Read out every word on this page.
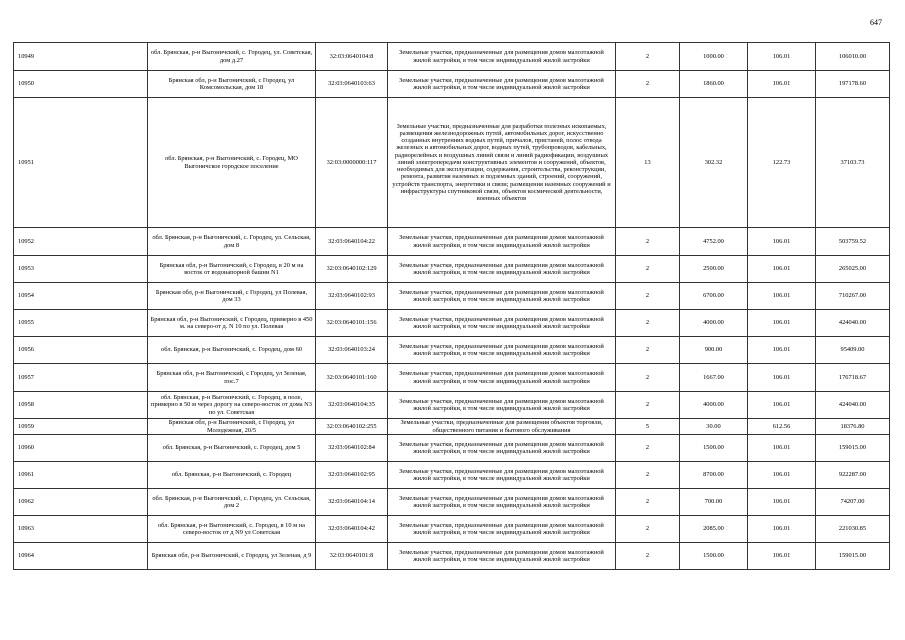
647
10949	обл. Брянская, р-н Выгоничский, с. Городец, ул. Советская, дом д.27	32:03:0640104:8	Земельные участки, предназначенные для размещения домов малоэтажной жилой застройки, в том числе индивидуальной жилой застройки	2	1000.00	106.01	106010.00
10950	Брянская обл, р-н Выгоничский, с Городец, ул Комсомольская, дом 18	32:03:0640103:63	Земельные участки, предназначенные для размещения домов малоэтажной жилой застройки, в том числе индивидуальной жилой застройки	2	1860.00	106.01	197178.60
10951	обл. Брянская, р-н Выгоничский, с. Городец, МО Выгоничское городское поселение	32:03:0000000:117	Земельные участки, предназначенные для разработки полезных ископаемых, размещения железнодорожных путей, автомобильных дорог, искусственно созданных внутренних водных путей, причалов, пристаней, полос отвода железных и автомобильных дорог, водных путей, трубопроводов, кабельных, радиорелейных и воздушных линий связи и линий радиофикации, воздушных линий электропередачи конструктивных элементов и сооружений, объектов, необходимых для эксплуатации, содержания, строительства, реконструкции, ремонта, развития наземных и подземных зданий, строений, сооружений, устройств транспорта, энергетики и связи; размещения наземных сооружений и инфраструктуры спутниковой связи, объектов космической деятельности, военных объектов	13	302.32	122.73	37103.73
10952	обл. Брянская, р-н Выгоничский, с. Городец, ул. Сельская, дом 8	32:03:0640104:22	Земельные участки, предназначенные для размещения домов малоэтажной жилой застройки, в том числе индивидуальной жилой застройки	2	4752.00	106.01	503759.52
10953	Брянская обл, р-н Выгоничский, с Городец, в 20 м на восток от водонапорной башни N1	32:03:0640102:129	Земельные участки, предназначенные для размещения домов малоэтажной жилой застройки, в том числе индивидуальной жилой застройки	2	2500.00	106.01	265025.00
10954	Брянская обл, р-н Выгоничский, с Городец, ул Полевая, дом 33	32:03:0640102:93	Земельные участки, предназначенные для размещения домов малоэтажной жилой застройки, в том числе индивидуальной жилой застройки	2	6700.00	106.01	710267.00
10955	Брянская обл, р-н Выгоничский, с Городец, примерно в 450 м. на северо-от д. N 10 по ул. Полевая	32:03:0640101:156	Земельные участки, предназначенные для размещения домов малоэтажной жилой застройки, в том числе индивидуальной жилой застройки	2	4000.00	106.01	424040.00
10956	обл. Брянская, р-н Выгоничский, с. Городец, дом 60	32:03:0640103:24	Земельные участки, предназначенные для размещения домов малоэтажной жилой застройки, в том числе индивидуальной жилой застройки	2	900.00	106.01	95409.00
10957	Брянская обл, р-н Выгоничский, с Городец, ул Зеленая, пос.7	32:03:0640101:160	Земельные участки, предназначенные для размещения домов малоэтажной жилой застройки, в том числе индивидуальной жилой застройки	2	1667.00	106.01	176718.67
10958	обл. Брянская, р-н Выгоничский, с. Городец, в поле, примерно в 50 м через дорогу на северо-восток от дома N3 по ул. Советская	32:03:0640104:35	Земельные участки, предназначенные для размещения домов малоэтажной жилой застройки, в том числе индивидуальной жилой застройки	2	4000.00	106.01	424040.00
10959	Брянская обл, р-н Выгоничский, с Городец, ул Молодежная, 20/5	32:03:0640102:255	Земельные участки, предназначенные для размещения объектов торговли, общественного питания и бытового обслуживания	5	30.00	612.56	18376.80
10960	обл. Брянская, р-н Выгоничский, с. Городец, дом 5	32:03:0640102:84	Земельные участки, предназначенные для размещения домов малоэтажной жилой застройки, в том числе индивидуальной жилой застройки	2	1500.00	106.01	159015.00
10961	обл. Брянская, р-н Выгоничский, с. Городец	32:03:0640102:95	Земельные участки, предназначенные для размещения домов малоэтажной жилой застройки, в том числе индивидуальной жилой застройки	2	8700.00	106.01	922287.00
10962	обл. Брянская, р-н Выгоничский, с. Городец, ул. Сельская, дом 2	32:03:0640104:14	Земельные участки, предназначенные для размещения домов малоэтажной жилой застройки, в том числе индивидуальной жилой застройки	2	700.00	106.01	74207.00
10963	обл. Брянская, р-н Выгоничский, с. Городец, в 10 м на северо-восток от д N9 ул Советская	32:03:0640104:42	Земельные участки, предназначенные для размещения домов малоэтажной жилой застройки, в том числе индивидуальной жилой застройки	2	2085.00	106.01	221030.85
10964	Брянская обл, р-н Выгоничский, с Городец, ул Зеленая, д 9	32:03:0640101:8	Земельные участки, предназначенные для размещения домов малоэтажной жилой застройки, в том числе индивидуальной жилой застройки	2	1500.00	106.01	159015.00
